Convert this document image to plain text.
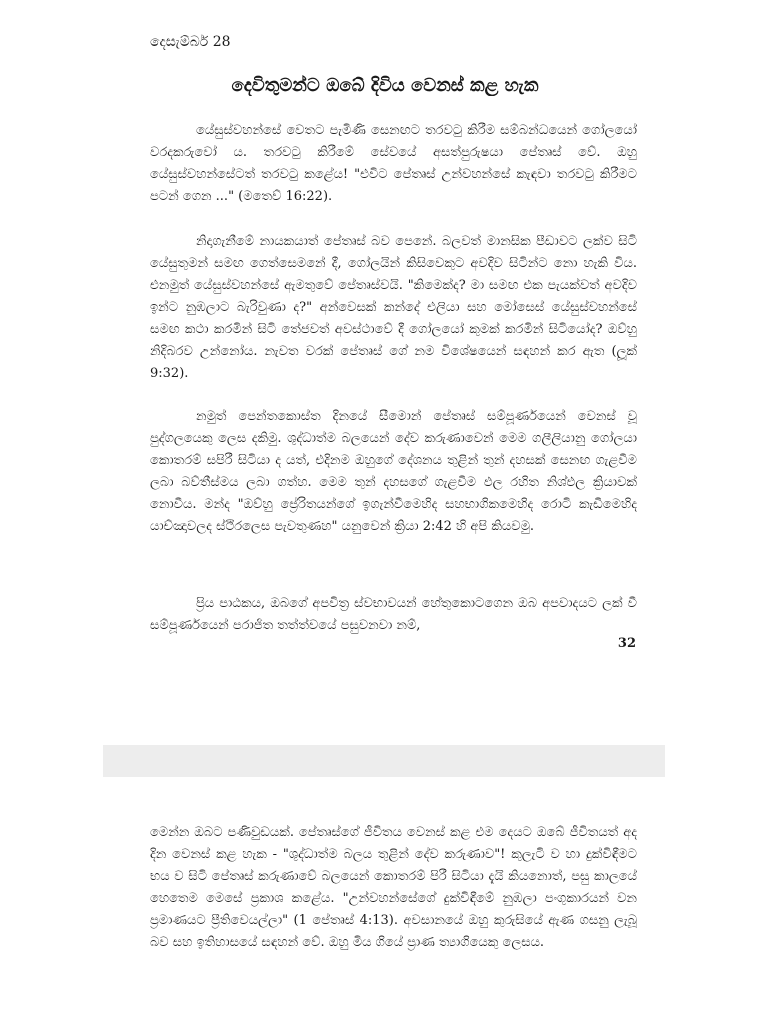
දෙසැම්බර් 28
දෙවිතුමන්ට ඔබේ දිවිය වෙනස් කළ හැක

යේසුස්වහන්සේ වෙතට පැමිණි සෙනඟට තරවටු කිරීම සම්බන්ධයෙන් ගෝලයෝ වරදකරුවෝ ය. තරවටු කිරීමේ සේවයේ අසත්පුරුෂයා පේතෘස් වේ. ඔහු යේසුස්වහන්සේටත් තරවටු කළේය! "එවිට පේතෘස් උන්වහන්සේ කැඳවා තරවටු කිරීමට පටන් ගෙන ..." (මතෙව් 16:22).

නිදාගැනීමේ නායකයාත් පේතෘස් බව පෙනේ. බලවත් මානසික පීඩාවට ලක්ව සිටි යේසුතුමන් සමඟ ගෙත්සෙමනේ දී, ගෝලයින් කිසිවෙකුට අවදිව සිටින්ට නො හැකි විය. එනමුත් යේසුස්වහන්සේ ඇමතුවේ පේතෘස්වයි. "කිමෙක්ද? මා සමඟ එක පැයක්වත් අවදිව ඉන්ට නුඹලාට බැරිවුණා ද?" අන්වෙසක් කන්දේ එලියා සහ මෝසෙස් යේසුස්වහන්සේ සමඟ කථා කරමින් සිටි තේජවත් අවස්ථාවේ දී ගෝලයෝ කුමක් කරමින් සිටියෝද? ඔව්හු නිදිබරව උන්නෝය. නැවත වරක් පේතෘස් ගේ නම විශේෂයෙන් සඳහන් කර ඇත (ලූක් 9:32).

නමුත් පෙන්තකොස්ත දිනයේ සීමොන් පේතෘස් සම්පූර්ණයෙන් වෙනස් වූ පුද්ගලයෙකු ලෙස දකිමු. ශුද්ධාත්ම බලයෙන් දේව කරුණාවෙන් මෙම ගලීලියානු ගෝලයා කොතරම් සපිරී සිටියා ද යත්, එදිනම ඔහුගේ දේශනය තුළින් තුන් දහසක් සෙනඟ ගැළවීම ලබා බව්තීස්මය ලබා ගත්හ. මෙම තුන් දහසගේ ගැළවීම ඵල රහිත නිශ්ඵල ක්‍රියාවක් නොවීය. මන්ද "ඔව්හු ප්‍රේරිතයන්ගේ ඉගැන්වීමෙහිද සහභාගිකමෙහිද රොටි කැඩීමෙහිද යාච්ඤාවලද ස්ථිරලෙස පැවතුණහ" යනුවෙන් ක්‍රියා 2:42 හි අපි කියවමු.

ප්‍රිය පාඨකය, ඔබගේ අපවිත්‍ර ස්වභාවයන් හේතුකොටගෙන ඔබ අපවාදයට ලක් වී සම්පූර්ණයෙන් පරාජිත තත්ත්වයේ පසුවනවා නම්,

32

මෙන්න ඔබට පණිවුඩයක්. පේතෘස්ගේ ජීවිතය වෙනස් කළ එම දෙයට ඔබේ ජීවිතයත් අද දින වෙනස් කළ හැක - "ශුද්ධාත්ම බලය තුළින් දේව කරුණාව"! කුලැටි ව හා දුක්විඳීමට භය ව සිටි පේතෘස් කරුණාවේ බලයෙන් කොතරම් පිරී සිටියා දැයි කියනොත්, පසු කාලයේ හෙතෙම මෙසේ ප්‍රකාශ කළේය. "උන්වහන්සේගේ දුක්විඳීමේ නුඹලා පංගුකාරයන් වන ප්‍රමාණයට ප්‍රීතිවෙයල්ලා" (1 පේතෘස් 4:13). අවසානයේ ඔහු කුරුසියේ ඇණ ගසනු ලැබූ බව සහ ඉතිහාසයේ සඳහන් වේ. ඔහු මිය ගියේ ප්‍රාණ ත්‍යාගියෙකු ලෙසය.
